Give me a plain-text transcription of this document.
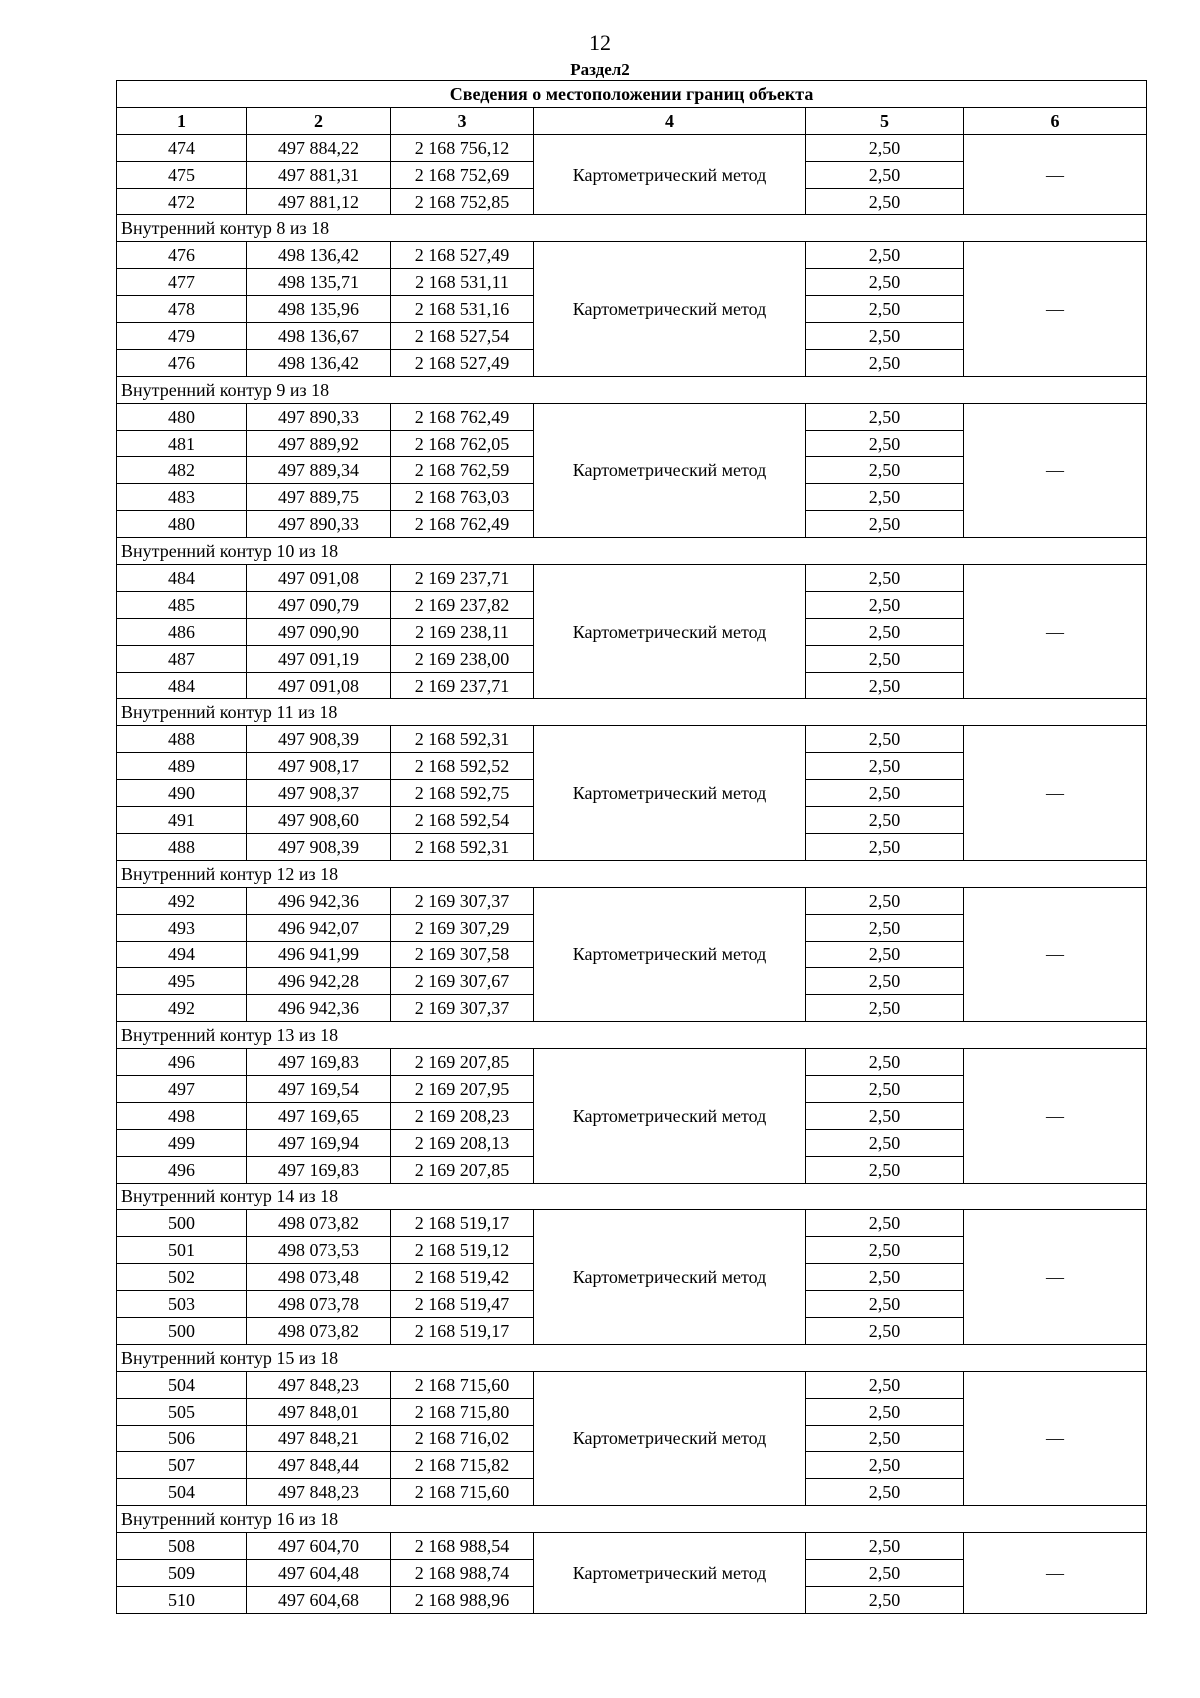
12
Раздел2
Сведения о местоположении границ объекта					
1	2	3	4	5	6
474	497 884,22	2 168 756,12	Картометрический метод	2,50	—
475	497 881,31	2 168 752,69		2,50	
472	497 881,12	2 168 752,85		2,50	
Внутренний контур 8 из 18					
476	498 136,42	2 168 527,49	Картометрический метод	2,50	—
477	498 135,71	2 168 531,11		2,50	
478	498 135,96	2 168 531,16		2,50	
479	498 136,67	2 168 527,54		2,50	
476	498 136,42	2 168 527,49		2,50	
Внутренний контур 9 из 18					
480	497 890,33	2 168 762,49	Картометрический метод	2,50	—
481	497 889,92	2 168 762,05		2,50	
482	497 889,34	2 168 762,59		2,50	
483	497 889,75	2 168 763,03		2,50	
480	497 890,33	2 168 762,49		2,50	
Внутренний контур 10 из 18					
484	497 091,08	2 169 237,71	Картометрический метод	2,50	—
485	497 090,79	2 169 237,82		2,50	
486	497 090,90	2 169 238,11		2,50	
487	497 091,19	2 169 238,00		2,50	
484	497 091,08	2 169 237,71		2,50	
Внутренний контур 11 из 18					
488	497 908,39	2 168 592,31	Картометрический метод	2,50	—
489	497 908,17	2 168 592,52		2,50	
490	497 908,37	2 168 592,75		2,50	
491	497 908,60	2 168 592,54		2,50	
488	497 908,39	2 168 592,31		2,50	
Внутренний контур 12 из 18					
492	496 942,36	2 169 307,37	Картометрический метод	2,50	—
493	496 942,07	2 169 307,29		2,50	
494	496 941,99	2 169 307,58		2,50	
495	496 942,28	2 169 307,67		2,50	
492	496 942,36	2 169 307,37		2,50	
Внутренний контур 13 из 18					
496	497 169,83	2 169 207,85	Картометрический метод	2,50	—
497	497 169,54	2 169 207,95		2,50	
498	497 169,65	2 169 208,23		2,50	
499	497 169,94	2 169 208,13		2,50	
496	497 169,83	2 169 207,85		2,50	
Внутренний контур 14 из 18					
500	498 073,82	2 168 519,17	Картометрический метод	2,50	—
501	498 073,53	2 168 519,12		2,50	
502	498 073,48	2 168 519,42		2,50	
503	498 073,78	2 168 519,47		2,50	
500	498 073,82	2 168 519,17		2,50	
Внутренний контур 15 из 18					
504	497 848,23	2 168 715,60	Картометрический метод	2,50	—
505	497 848,01	2 168 715,80		2,50	
506	497 848,21	2 168 716,02		2,50	
507	497 848,44	2 168 715,82		2,50	
504	497 848,23	2 168 715,60		2,50	
Внутренний контур 16 из 18					
508	497 604,70	2 168 988,54	Картометрический метод	2,50	—
509	497 604,48	2 168 988,74		2,50	
510	497 604,68	2 168 988,96		2,50	
